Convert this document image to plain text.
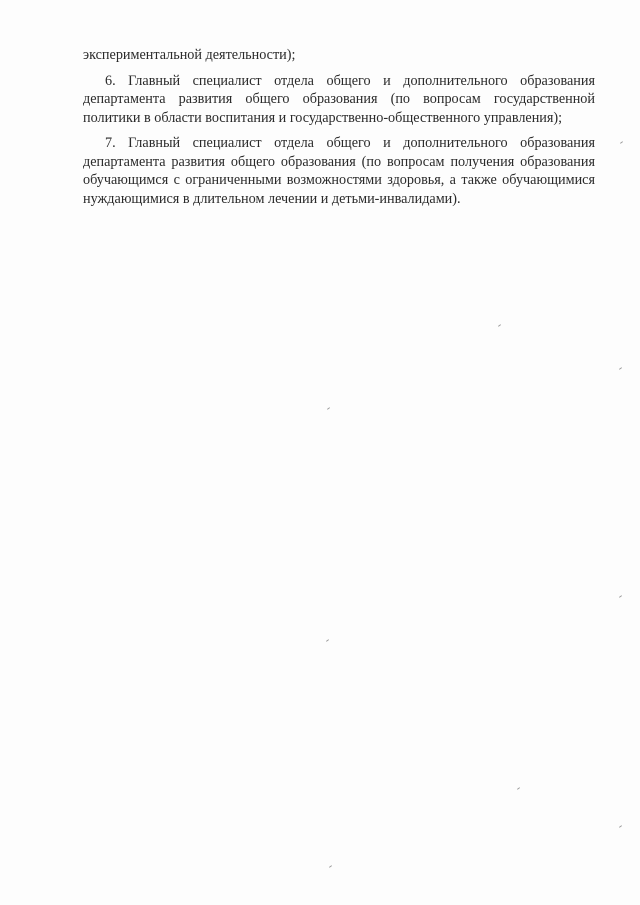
экспериментальной деятельности);

6. Главный специалист отдела общего и дополнительного образования департамента развития общего образования (по вопросам государственной политики в области воспитания и государственно-общественного управления);

7. Главный специалист отдела общего и дополнительного образования департамента развития общего образования (по вопросам получения образования обучающимся с ограниченными возможностями здоровья, а также обучающимися нуждающимися в длительном лечении и детьми-инвалидами).
